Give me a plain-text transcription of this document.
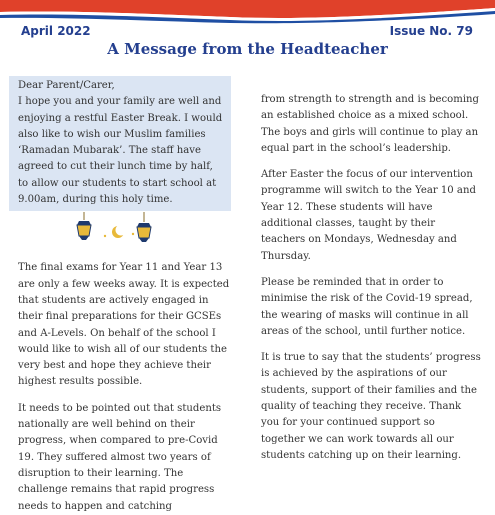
April 2022	Issue No. 79
A Message from the Headteacher

Dear Parent/Carer,

I hope you and your family are well and enjoying a restful Easter Break. I would also like to wish our Muslim families ‘Ramadan Mubarak’. The staff have agreed to cut their lunch time by half, to allow our students to start school at 9.00am, during this holy time.

The final exams for Year 11 and Year 13 are only a few weeks away. It is expected that students are actively engaged in their final preparations for their GCSEs and A-Levels. On behalf of the school I would like to wish all of our students the very best and hope they achieve their highest results possible.

It needs to be pointed out that students nationally are well behind on their progress, when compared to pre-Covid 19. They suffered almost two years of disruption to their learning. The challenge remains that rapid progress needs to happen and catching

from strength to strength and is becoming an established choice as a mixed school. The boys and girls will continue to play an equal part in the school’s leadership.

After Easter the focus of our intervention programme will switch to the Year 10 and Year 12. These students will have additional classes, taught by their teachers on Mondays, Wednesday and Thursday.

Please be reminded that in order to minimise the risk of the Covid-19 spread, the wearing of masks will continue in all areas of the school, until further notice.

It is true to say that the students’ progress is achieved by the aspirations of our students, support of their families and the quality of teaching they receive. Thank you for your continued support so together we can work towards all our students catching up on their learning.
